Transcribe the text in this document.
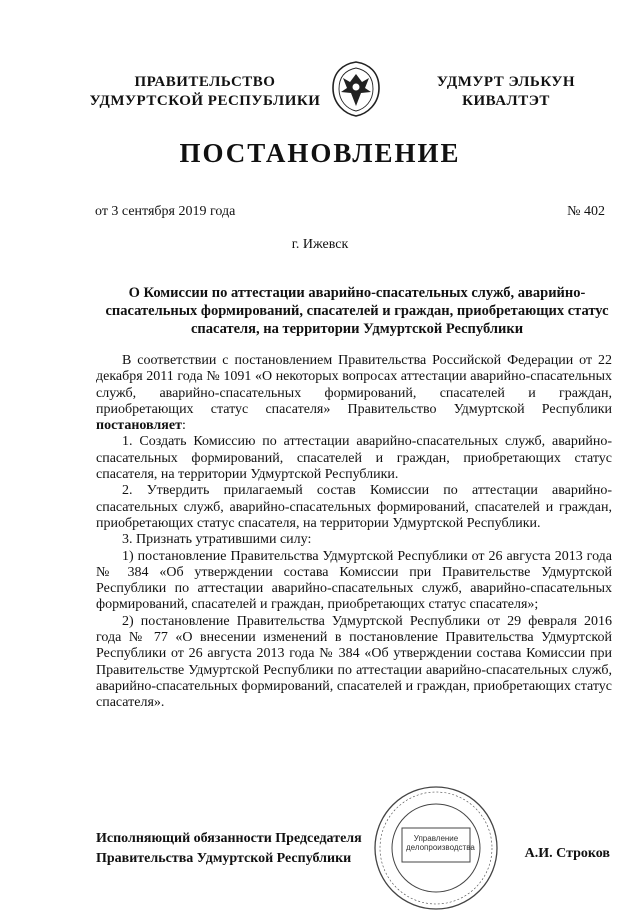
ПРАВИТЕЛЬСТВО
УДМУРТСКОЙ РЕСПУБЛИКИ
УДМУРТ ЭЛЬКУН
КИВАЛТЭТ
ПОСТАНОВЛЕНИЕ
от 3 сентября 2019 года	№ 402
г. Ижевск
О Комиссии по аттестации аварийно-спасательных служб, аварийно-спасательных формирований, спасателей и граждан, приобретающих статус спасателя, на территории Удмуртской Республики

В соответствии с постановлением Правительства Российской Федерации от 22 декабря 2011 года № 1091 «О некоторых вопросах аттестации аварийно-спасательных служб, аварийно-спасательных формирований, спасателей и граждан, приобретающих статус спасателя» Правительство Удмуртской Республики постановляет:

1. Создать Комиссию по аттестации аварийно-спасательных служб, аварийно-спасательных формирований, спасателей и граждан, приобретающих статус спасателя, на территории Удмуртской Республики.

2. Утвердить прилагаемый состав Комиссии по аттестации аварийно-спасательных служб, аварийно-спасательных формирований, спасателей и граждан, приобретающих статус спасателя, на территории Удмуртской Республики.

3. Признать утратившими силу:

1) постановление Правительства Удмуртской Республики от 26 августа 2013 года № 384 «Об утверждении состава Комиссии при Правительстве Удмуртской Республики по аттестации аварийно-спасательных служб, аварийно-спасательных формирований, спасателей и граждан, приобретающих статус спасателя»;

2) постановление Правительства Удмуртской Республики от 29 февраля 2016 года № 77 «О внесении изменений в постановление Правительства Удмуртской Республики от 26 августа 2013 года № 384 «Об утверждении состава Комиссии при Правительстве Удмуртской Республики по аттестации аварийно-спасательных служб, аварийно-спасательных формирований, спасателей и граждан, приобретающих статус спасателя».

Исполняющий обязанности Председателя
Правительства Удмуртской Республики
Управление
делопроизводства	А.И. Строков
